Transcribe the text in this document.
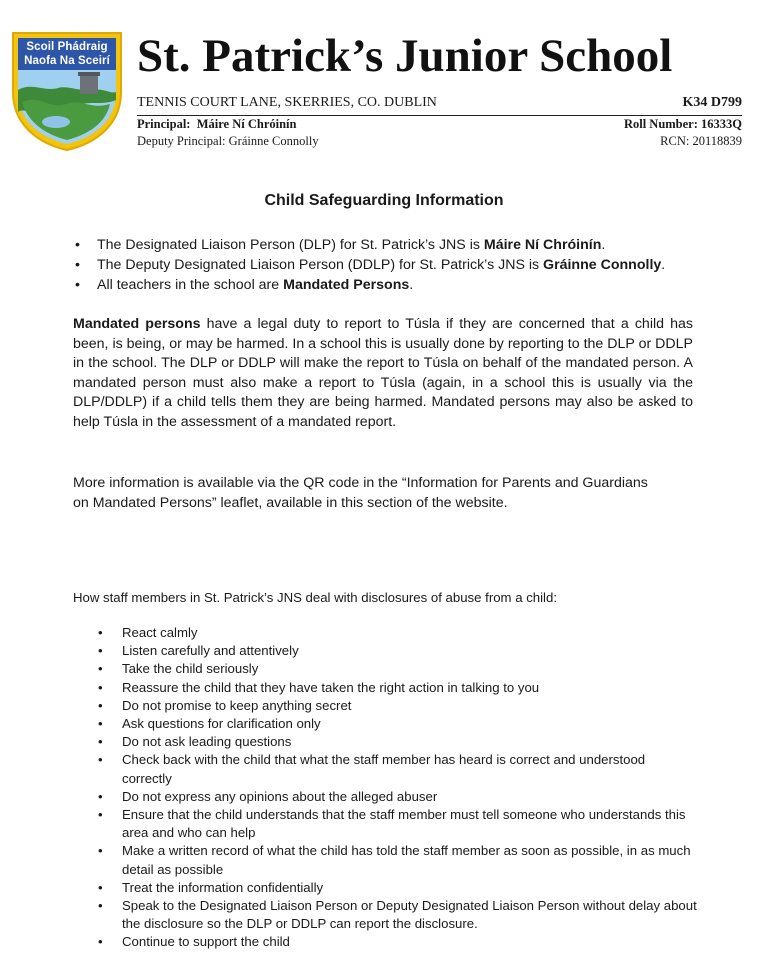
Scoil Phádraig
Naofa Na Sceirí St. Patrick’s Junior School
TENNIS COURT LANE, SKERRIES, CO. DUBLIN	K34 D799
Principal: Máire Ní Chróinín	Roll Number: 16333Q
Deputy Principal: Gráinne Connolly	RCN: 20118839
Child Safeguarding Information
• The Designated Liaison Person (DLP) for St. Patrick’s JNS is Máire Ní Chróinín.
• The Deputy Designated Liaison Person (DDLP) for St. Patrick’s JNS is Gráinne Connolly.
• All teachers in the school are Mandated Persons.

Mandated persons have a legal duty to report to Túsla if they are concerned that a child has been, is being, or may be harmed. In a school this is usually done by reporting to the DLP or DDLP in the school. The DLP or DDLP will make the report to Túsla on behalf of the mandated person. A mandated person must also make a report to Túsla (again, in a school this is usually via the DLP/DDLP) if a child tells them they are being harmed. Mandated persons may also be asked to help Túsla in the assessment of a mandated report.

More information is available via the QR code in the “Information for Parents and Guardians on Mandated Persons” leaflet, available in this section of the website.

How staff members in St. Patrick’s JNS deal with disclosures of abuse from a child:

• React calmly
• Listen carefully and attentively
• Take the child seriously
• Reassure the child that they have taken the right action in talking to you
• Do not promise to keep anything secret
• Ask questions for clarification only
• Do not ask leading questions
• Check back with the child that what the staff member has heard is correct and understood correctly
• Do not express any opinions about the alleged abuser
• Ensure that the child understands that the staff member must tell someone who understands this area and who can help
• Make a written record of what the child has told the staff member as soon as possible, in as much detail as possible
• Treat the information confidentially
• Speak to the Designated Liaison Person or Deputy Designated Liaison Person without delay about the disclosure so the DLP or DDLP can report the disclosure.
• Continue to support the child
